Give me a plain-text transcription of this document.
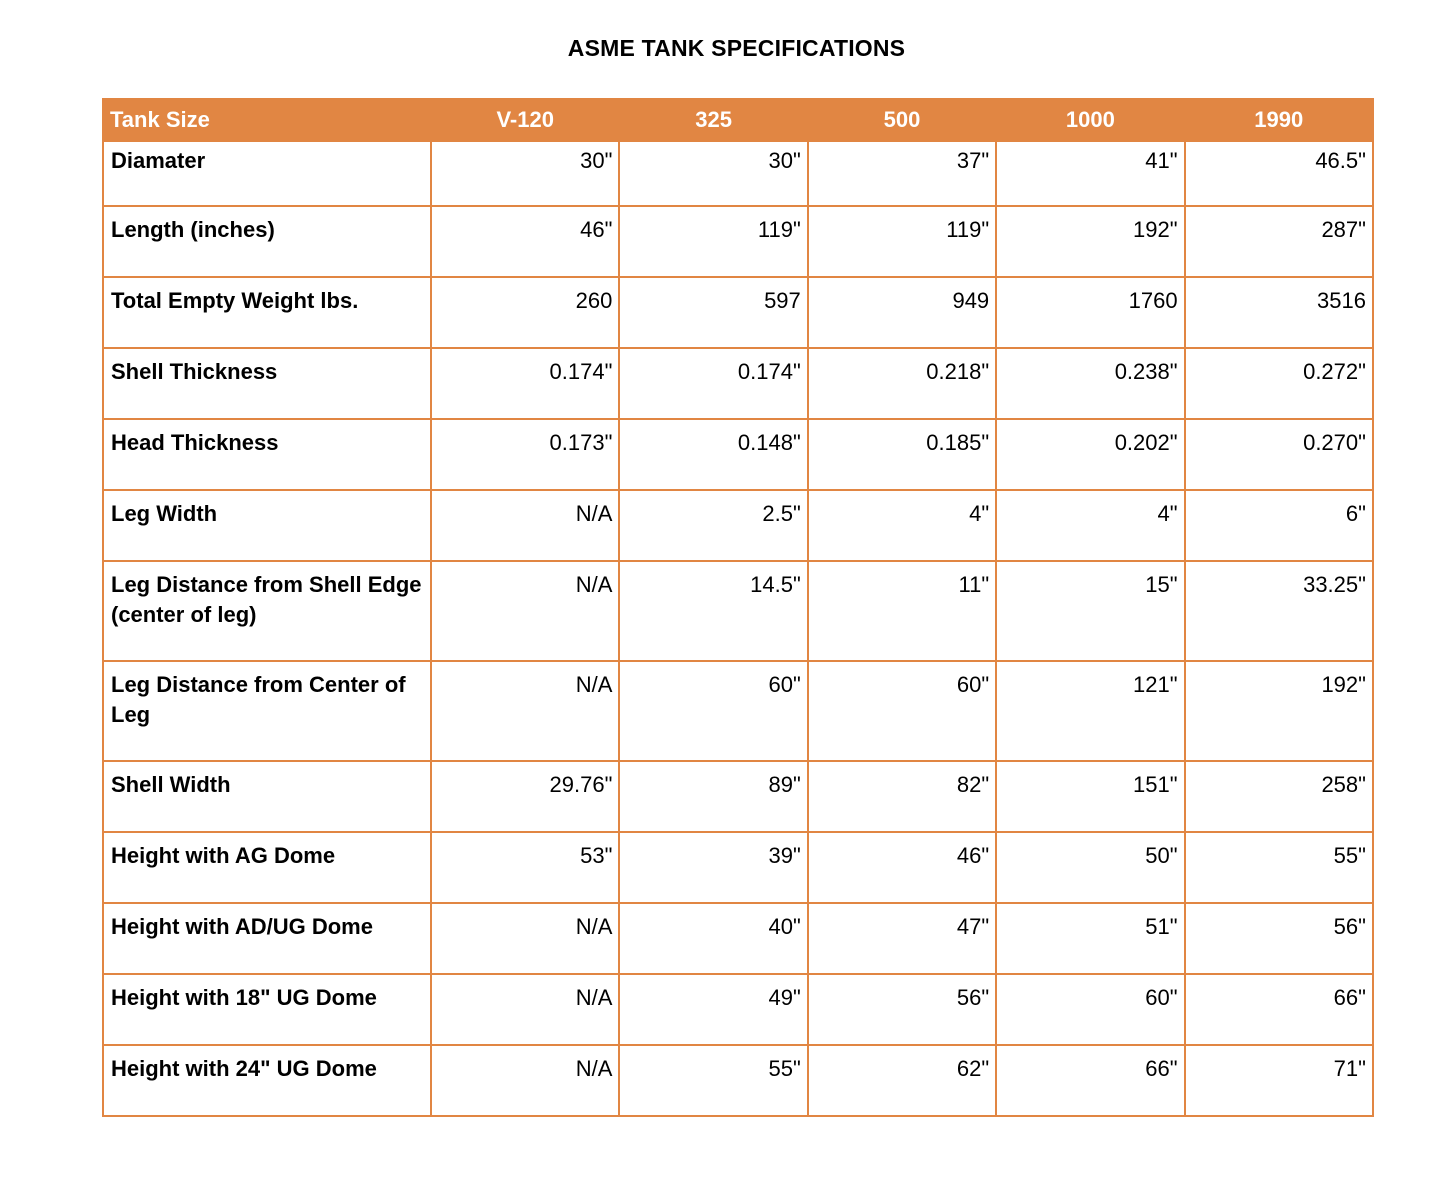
ASME TANK SPECIFICATIONS
Tank Size	V-120	325	500	1000	1990
Diamater	30"	30"	37"	41"	46.5"
Length (inches)	46"	119"	119"	192"	287"
Total Empty Weight lbs.	260	597	949	1760	3516
Shell Thickness	0.174"	0.174"	0.218"	0.238"	0.272"
Head Thickness	0.173"	0.148"	0.185"	0.202"	0.270"
Leg Width	N/A	2.5"	4"	4"	6"
Leg Distance from Shell Edge (center of leg)	N/A	14.5"	11"	15"	33.25"
Leg Distance from Center of Leg	N/A	60"	60"	121"	192"
Shell Width	29.76"	89"	82"	151"	258"
Height with AG Dome	53"	39"	46"	50"	55"
Height with AD/UG Dome	N/A	40"	47"	51"	56"
Height with 18" UG Dome	N/A	49"	56"	60"	66"
Height with 24" UG Dome	N/A	55"	62"	66"	71"
